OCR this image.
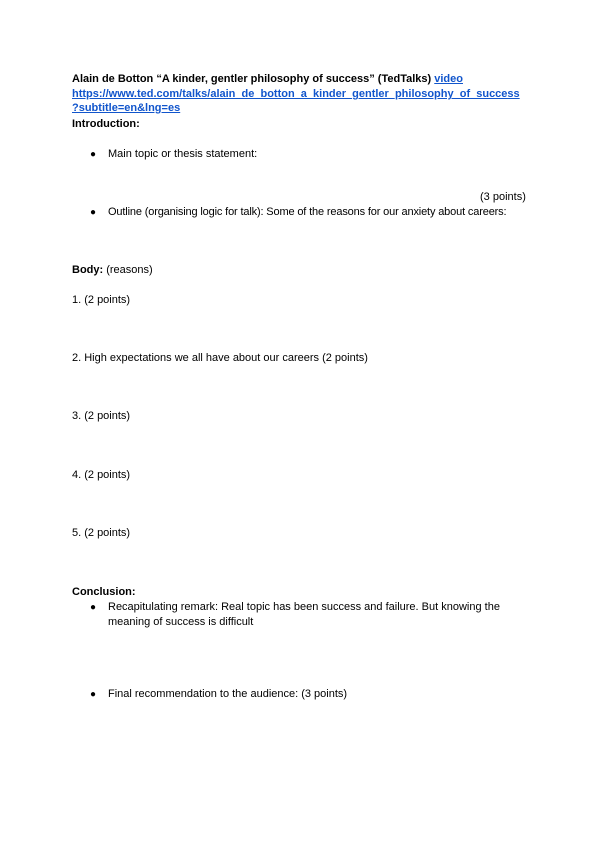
Alain de Botton “A kinder, gentler philosophy of success” (TedTalks) video
https://www.ted.com/talks/alain_de_botton_a_kinder_gentler_philosophy_of_success
?subtitle=en&lng=es
Introduction:
● Main topic or thesis statement:
(3 points)
● Outline (organising logic for talk): Some of the reasons for our anxiety about careers:
Body: (reasons)
1. (2 points)
2. High expectations we all have about our careers (2 points)
3. (2 points)
4. (2 points)
5. (2 points)
Conclusion:
● Recapitulating remark: Real topic has been success and failure. But knowing the
meaning of success is difficult
● Final recommendation to the audience: (3 points)
